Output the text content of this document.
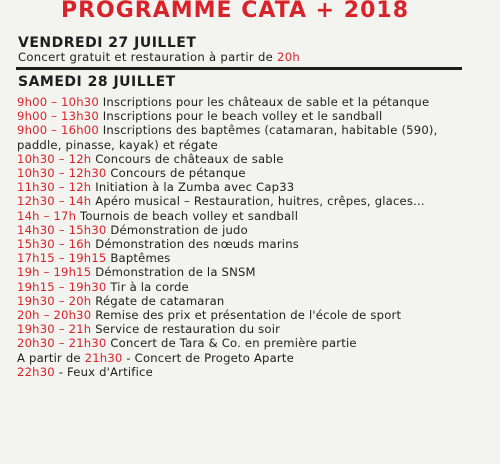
PROGRAMME CATA + 2018
VENDREDI 27 JUILLET
Concert gratuit et restauration à partir de 20h
SAMEDI 28 JUILLET
9h00 – 10h30 Inscriptions pour les châteaux de sable et la pétanque
9h00 – 13h30 Inscriptions pour le beach volley et le sandball
9h00 – 16h00 Inscriptions des baptêmes (catamaran, habitable (590), paddle, pinasse, kayak) et régate
10h30 – 12h Concours de châteaux de sable
10h30 – 12h30 Concours de pétanque
11h30 – 12h Initiation à la Zumba avec Cap33
12h30 – 14h Apéro musical – Restauration, huitres, crêpes, glaces...
14h – 17h Tournois de beach volley et sandball
14h30 – 15h30 Démonstration de judo
15h30 – 16h Démonstration des nœuds marins
17h15 – 19h15 Baptêmes
19h – 19h15 Démonstration de la SNSM
19h15 – 19h30 Tir à la corde
19h30 – 20h Régate de catamaran
20h – 20h30 Remise des prix et présentation de l'école de sport
19h30 – 21h Service de restauration du soir
20h30 – 21h30 Concert de Tara & Co. en première partie
A partir de 21h30 - Concert de Progeto Aparte
22h30 - Feux d'Artifice
